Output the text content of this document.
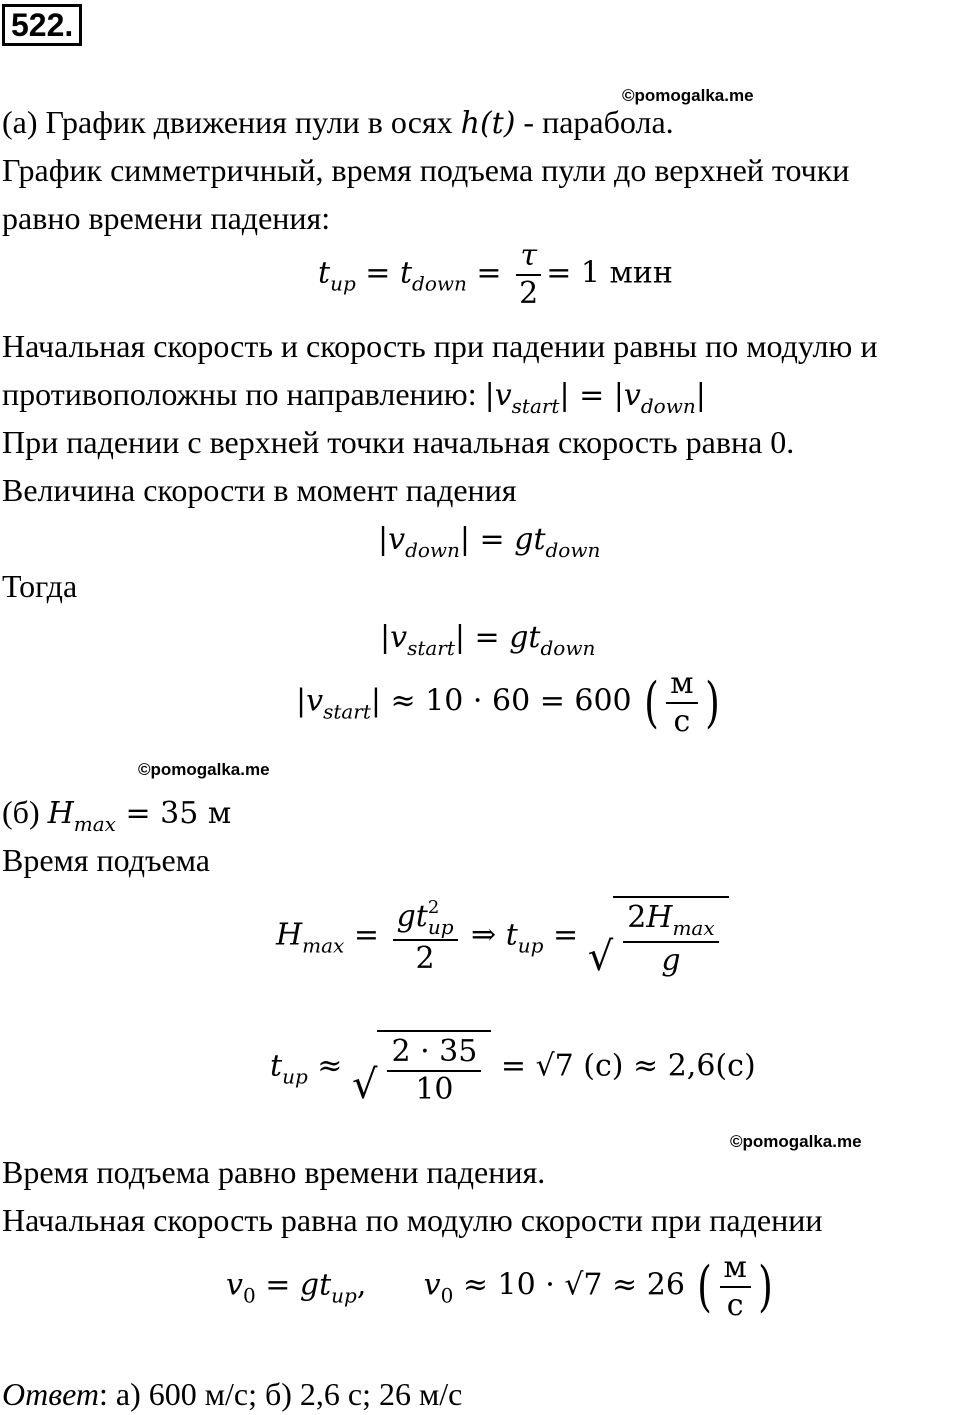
522.
©pomogalka.me
©pomogalka.me
©pomogalka.me
(а) График движения пули в осях h(t) - парабола.
График симметричный, время подъема пули до верхней точки
равно времени падения:
$t_{up} = t_{down} = \frac{\tau}{2} = 1$ мин
Начальная скорость и скорость при падении равны по модулю и
противоположны по направлению: $|v_{start}| = |v_{down}|$
При падении с верхней точки начальная скорость равна 0.
Величина скорости в момент падения
$|v_{down}| = gt_{down}$
Тогда
$|v_{start}| = gt_{down}$
$|v_{start}| \approx 10 \cdot 60 = 600$ ( $\frac{м}{с}$ )
(б) $H_{max} = 35$ м
Время подъема
$H_{max}$ = gt 2
up
2 ⇒ $t_{up}$ = √ $\frac{2H_{max}}{g}$
$t_{up}$ ≈ √ $\frac{2 \cdot 35}{10} = √7$ (с) ≈ 2,6(с)
Время подъема равно времени падения.
Начальная скорость равна по модулю скорости при падении
$v_0 = gt_{up}$,      $v_0 \approx 10 \cdot √7 \approx 26$ ( $\frac{м}{с}$ )
Ответ: а) 600 м/с; б) 2,6 с; 26 м/с
